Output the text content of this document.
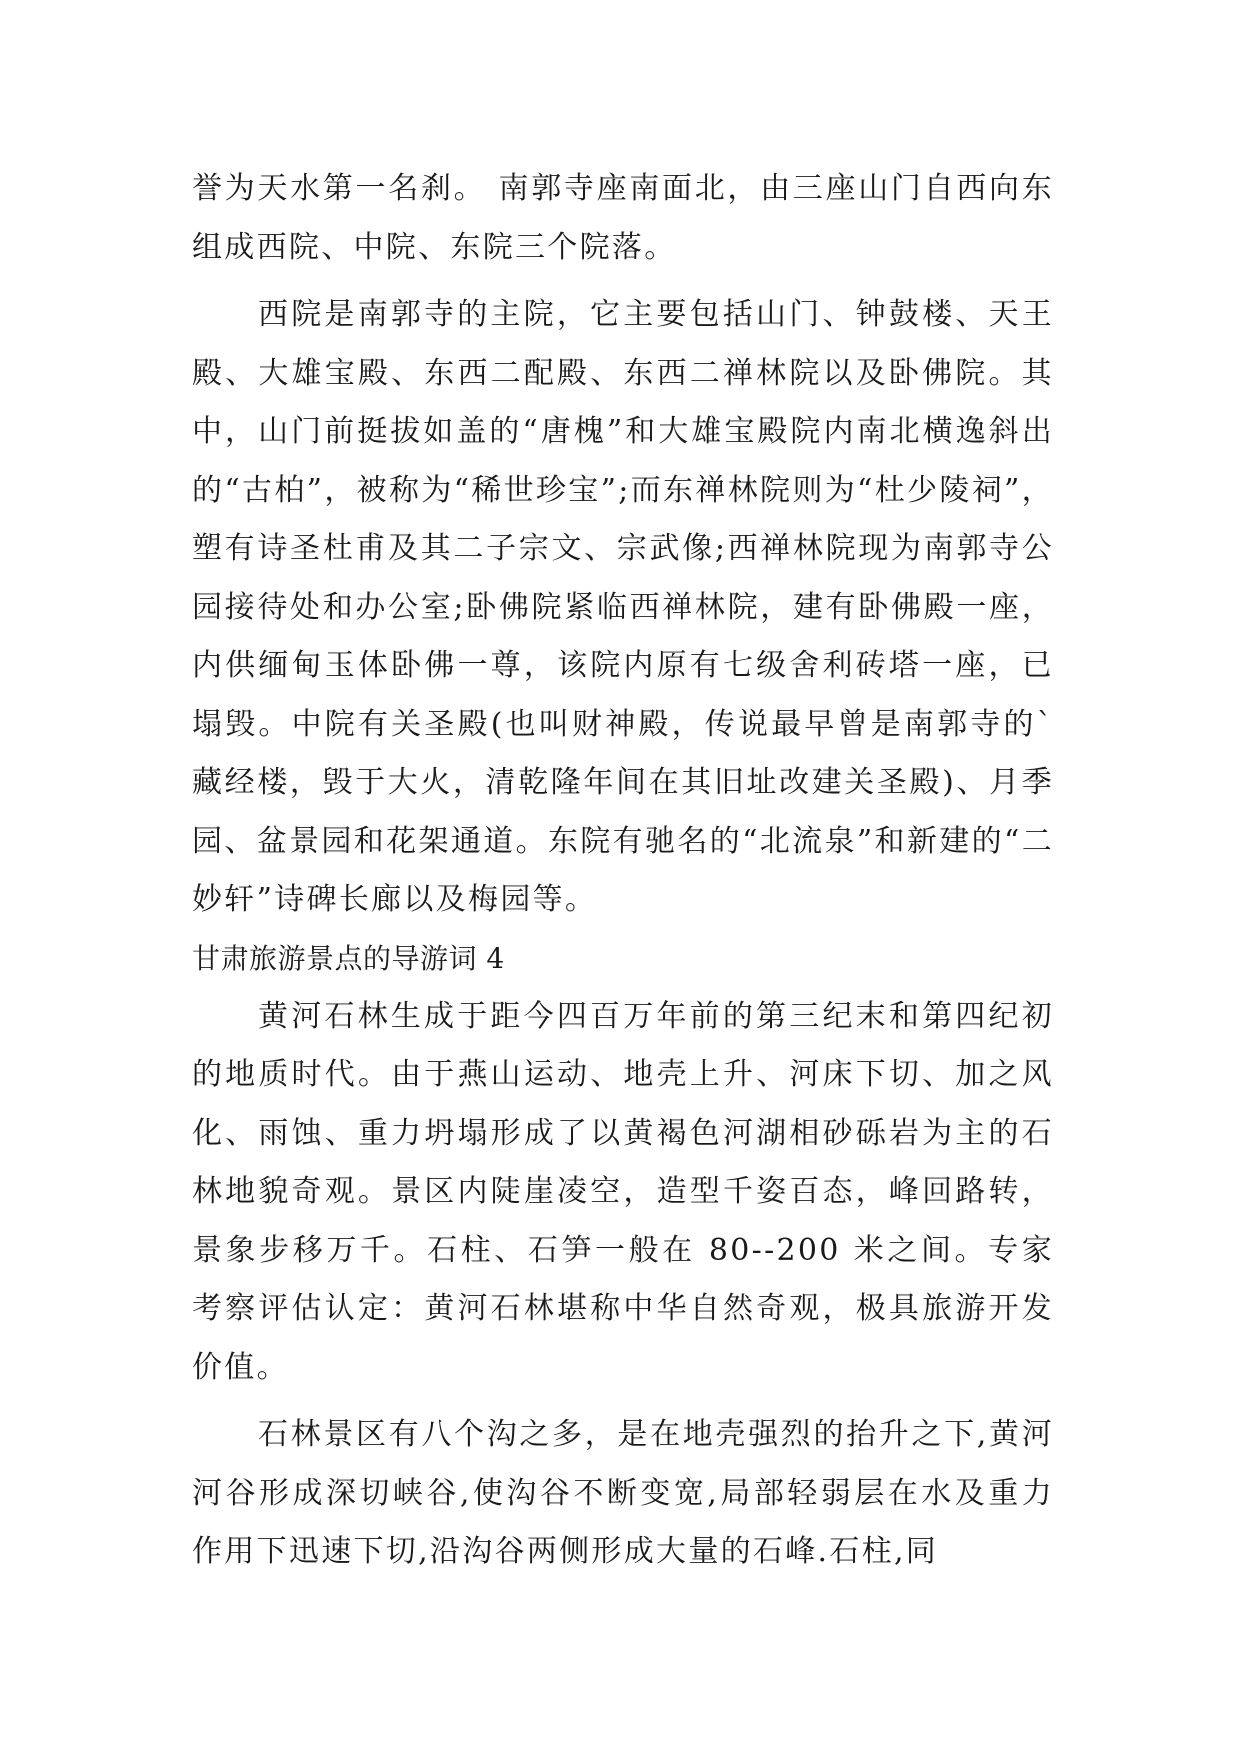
誉为天水第一名刹。 南郭寺座南面北，由三座山门自西向东组成西院、中院、东院三个院落。

西院是南郭寺的主院，它主要包括山门、钟鼓楼、天王殿、大雄宝殿、东西二配殿、东西二禅林院以及卧佛院。其中，山门前挺拔如盖的“唐槐”和大雄宝殿院内南北横逸斜出的“古柏”，被称为“稀世珍宝”;而东禅林院则为“杜少陵祠”，塑有诗圣杜甫及其二子宗文、宗武像;西禅林院现为南郭寺公园接待处和办公室;卧佛院紧临西禅林院，建有卧佛殿一座，内供缅甸玉体卧佛一尊，该院内原有七级舍利砖塔一座，已塌毁。中院有关圣殿(也叫财神殿，传说最早曾是南郭寺的`藏经楼，毁于大火，清乾隆年间在其旧址改建关圣殿)、月季园、盆景园和花架通道。东院有驰名的“北流泉”和新建的“二妙轩”诗碑长廊以及梅园等。

甘肃旅游景点的导游词 4

黄河石林生成于距今四百万年前的第三纪末和第四纪初的地质时代。由于燕山运动、地壳上升、河床下切、加之风化、雨蚀、重力坍塌形成了以黄褐色河湖相砂砾岩为主的石林地貌奇观。景区内陡崖凌空，造型千姿百态，峰回路转，景象步移万千。石柱、石笋一般在 80--200 米之间。专家考察评估认定：黄河石林堪称中华自然奇观，极具旅游开发价值。

石林景区有八个沟之多，是在地壳强烈的抬升之下,黄河河谷形成深切峡谷,使沟谷不断变宽,局部轻弱层在水及重力作用下迅速下切,沿沟谷两侧形成大量的石峰.石柱,同
